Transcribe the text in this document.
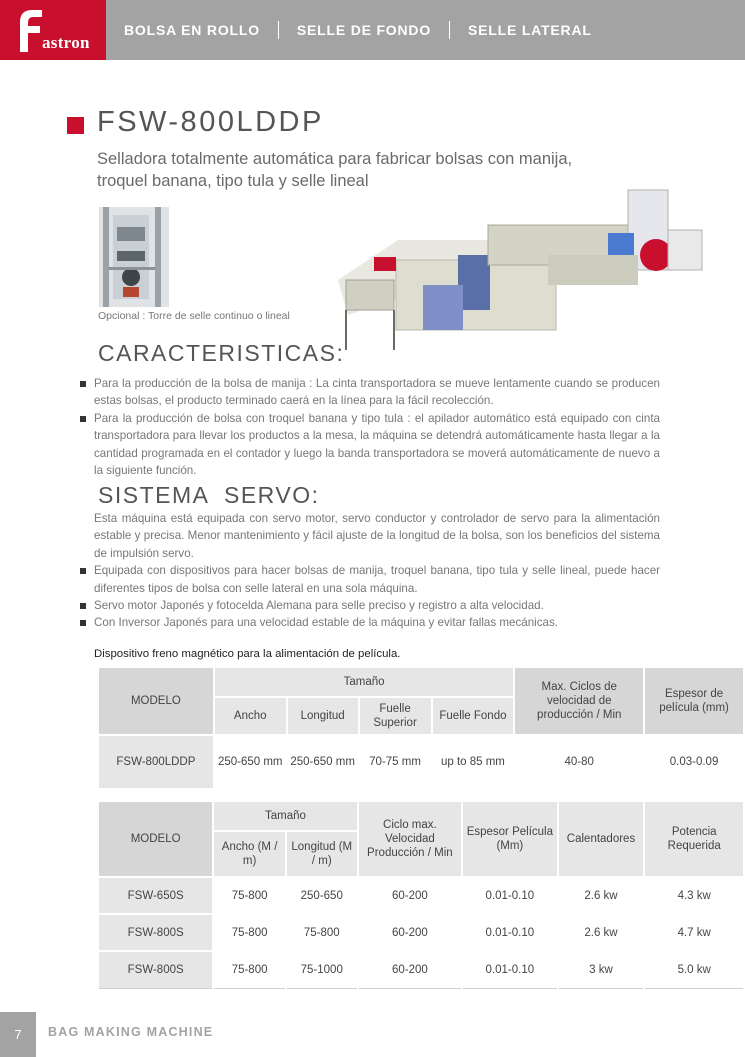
astron
BOLSA EN ROLLO	SELLE DE FONDO	SELLE LATERAL
FSW-800LDDP

Selladora totalmente automática para fabricar bolsas con manija, troquel banana, tipo tula y selle lineal

Opcional : Torre de selle continuo o lineal
CARACTERISTICAS:
Para la producción de la bolsa de manija : La cinta transportadora se mueve lentamente cuando se producen estas bolsas, el producto terminado caerá en la línea para la fácil recolección.
Para la producción de bolsa con troquel banana y tipo tula : el apilador automático está equipado con cinta transportadora para llevar los productos a la mesa, la máquina se detendrá automáticamente hasta llegar a la cantidad programada en el contador y luego la banda transportadora se moverá automáticamente de nuevo a la siguiente función.
SISTEMA  SERVO:
Esta máquina está equipada con servo motor, servo conductor y controlador de servo para la alimentación estable y precisa. Menor mantenimiento y fácil ajuste de la longitud de la bolsa, son los beneficios del sistema de impulsión servo.
Equipada con dispositivos para hacer bolsas de manija, troquel banana, tipo tula y selle lineal, puede hacer diferentes tipos de bolsa con selle lateral en una sola máquina.
Servo motor Japonés y fotocelda Alemana para selle preciso y registro a alta velocidad.
Con Inversor Japonés para una velocidad estable de la máquina y evitar fallas mecánicas.
Dispositivo freno magnético para la alimentación de película.
MODELO	Tamaño				Max. Ciclos de velocidad de producción / Min	Espesor de película (mm)
	Ancho	Longitud	Fuelle Superior	Fuelle Fondo		
FSW-800LDDP	250-650 mm	250-650 mm	70-75 mm	up to 85 mm	40-80	0.03-0.09
MODELO	Tamaño		Ciclo max. Velocidad Producción / Min	Espesor Película (Mm)	Calentadores	Potencia Requerida
	Ancho (M / m)	Longitud (M / m)				
FSW-650S	75-800	250-650	60-200	0.01-0.10	2.6 kw	4.3 kw
FSW-800S	75-800	75-800	60-200	0.01-0.10	2.6 kw	4.7 kw
FSW-800S	75-800	75-1000	60-200	0.01-0.10	3 kw	5.0 kw
7	BAG MAKING MACHINE
